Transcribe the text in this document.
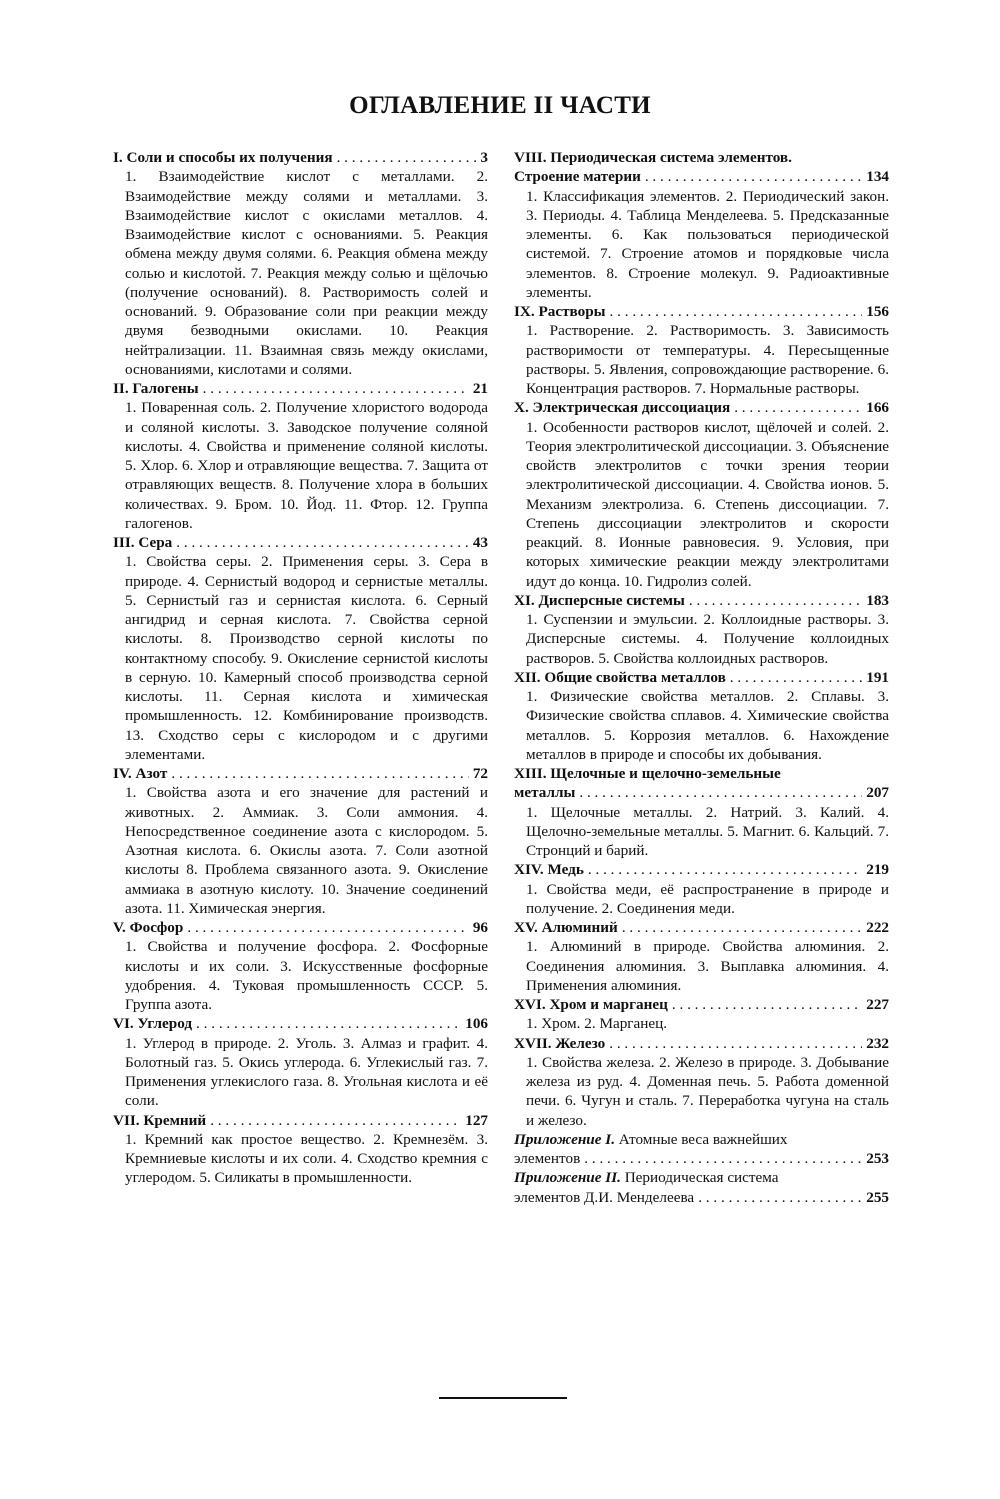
ОГЛАВЛЕНИЕ II ЧАСТИ
I. Соли и способы их получения . . .	3
1. Взаимодействие кислот с металлами. 2. Взаимодействие между солями и металлами. 3. Взаимодействие кислот с окислами металлов. 4. Взаимодействие кислот с основаниями. 5. Реакция обмена между двумя солями. 6. Реакция обмена между солью и кислотой. 7. Реакция между солью и щёлочью (получение оснований). 8. Растворимость солей и оснований. 9. Образование соли при реакции между двумя безводными окислами. 10. Реакция нейтрализации. 11. Взаимная связь между окислами, основаниями, кислотами и солями.
II. Галогены . . .	21
1. Поваренная соль. 2. Получение хлористого водорода и соляной кислоты. 3. Заводское получение соляной кислоты. 4. Свойства и применение соляной кислоты. 5. Хлор. 6. Хлор и отравляющие вещества. 7. Защита от отравляющих веществ. 8. Получение хлора в больших количествах. 9. Бром. 10. Йод. 11. Фтор. 12. Группа галогенов.
III. Сера . . .	43
1. Свойства серы. 2. Применения серы. 3. Сера в природе. 4. Сернистый водород и сернистые металлы. 5. Сернистый газ и сернистая кислота. 6. Серный ангидрид и серная кислота. 7. Свойства серной кислоты. 8. Производство серной кислоты по контактному способу. 9. Окисление сернистой кислоты в серную. 10. Камерный способ производства серной кислоты. 11. Серная кислота и химическая промышленность. 12. Комбинирование производств. 13. Сходство серы с кислородом и с другими элементами.
IV. Азот . . .	72
1. Свойства азота и его значение для растений и животных. 2. Аммиак. 3. Соли аммония. 4. Непосредственное соединение азота с кислородом. 5. Азотная кислота. 6. Окислы азота. 7. Соли азотной кислоты 8. Проблема связанного азота. 9. Окисление аммиака в азотную кислоту. 10. Значение соединений азота. 11. Химическая энергия.
V. Фосфор . . .	96
1. Свойства и получение фосфора. 2. Фосфорные кислоты и их соли. 3. Искусственные фосфорные удобрения. 4. Туковая промышленность СССР. 5. Группа азота.
VI. Углерод . . .	106
1. Углерод в природе. 2. Уголь. 3. Алмаз и графит. 4. Болотный газ. 5. Окись углерода. 6. Углекислый газ. 7. Применения углекислого газа. 8. Угольная кислота и её соли.
VII. Кремний . . .	127
1. Кремний как простое вещество. 2. Кремнезём. 3. Кремниевые кислоты и их соли. 4. Сходство кремния с углеродом. 5. Силикаты в промышленности.
VIII. Периодическая система элементов.
Строение материи . . .	134
1. Классификация элементов. 2. Периодический закон. 3. Периоды. 4. Таблица Менделеева. 5. Предсказанные элементы. 6. Как пользоваться периодической системой. 7. Строение атомов и порядковые числа элементов. 8. Строение молекул. 9. Радиоактивные элементы.
IX. Растворы . . .	156
1. Растворение. 2. Растворимость. 3. Зависимость растворимости от температуры. 4. Пересыщенные растворы. 5. Явления, сопровождающие растворение. 6. Концентрация растворов. 7. Нормальные растворы.
X. Электрическая диссоциация . . .	166
1. Особенности растворов кислот, щёлочей и солей. 2. Теория электролитической диссоциации. 3. Объяснение свойств электролитов с точки зрения теории электролитической диссоциации. 4. Свойства ионов. 5. Механизм электролиза. 6. Степень диссоциации. 7. Степень диссоциации электролитов и скорости реакций. 8. Ионные равновесия. 9. Условия, при которых химические реакции между электролитами идут до конца. 10. Гидролиз солей.
XI. Дисперсные системы . . .	183
1. Суспензии и эмульсии. 2. Коллоидные растворы. 3. Дисперсные системы. 4. Получение коллоидных растворов. 5. Свойства коллоидных растворов.
XII. Общие свойства металлов . . .	191
1. Физические свойства металлов. 2. Сплавы. 3. Физические свойства сплавов. 4. Химические свойства металлов. 5. Коррозия металлов. 6. Нахождение металлов в природе и способы их добывания.
XIII. Щелочные и щелочно-земельные
металлы . . .	207
1. Щелочные металлы. 2. Натрий. 3. Калий. 4. Щелочно-земельные металлы. 5. Магнит. 6. Кальций. 7. Стронций и барий.
XIV. Медь . . .	219
1. Свойства меди, её распространение в природе и получение. 2. Соединения меди.
XV. Алюминий . . .	222
1. Алюминий в природе. Свойства алюминия. 2. Соединения алюминия. 3. Выплавка алюминия. 4. Применения алюминия.
XVI. Хром и марганец . . .	227
1. Хром. 2. Марганец.
XVII. Железо . . .	232
1. Свойства железа. 2. Железо в природе. 3. Добывание железа из руд. 4. Доменная печь. 5. Работа доменной печи. 6. Чугун и сталь. 7. Переработка чугуна на сталь и железо.
Приложение I. Атомные веса важнейших
элементов . . .	253
Приложение II. Периодическая система
элементов Д.И. Менделеева . . .	255
